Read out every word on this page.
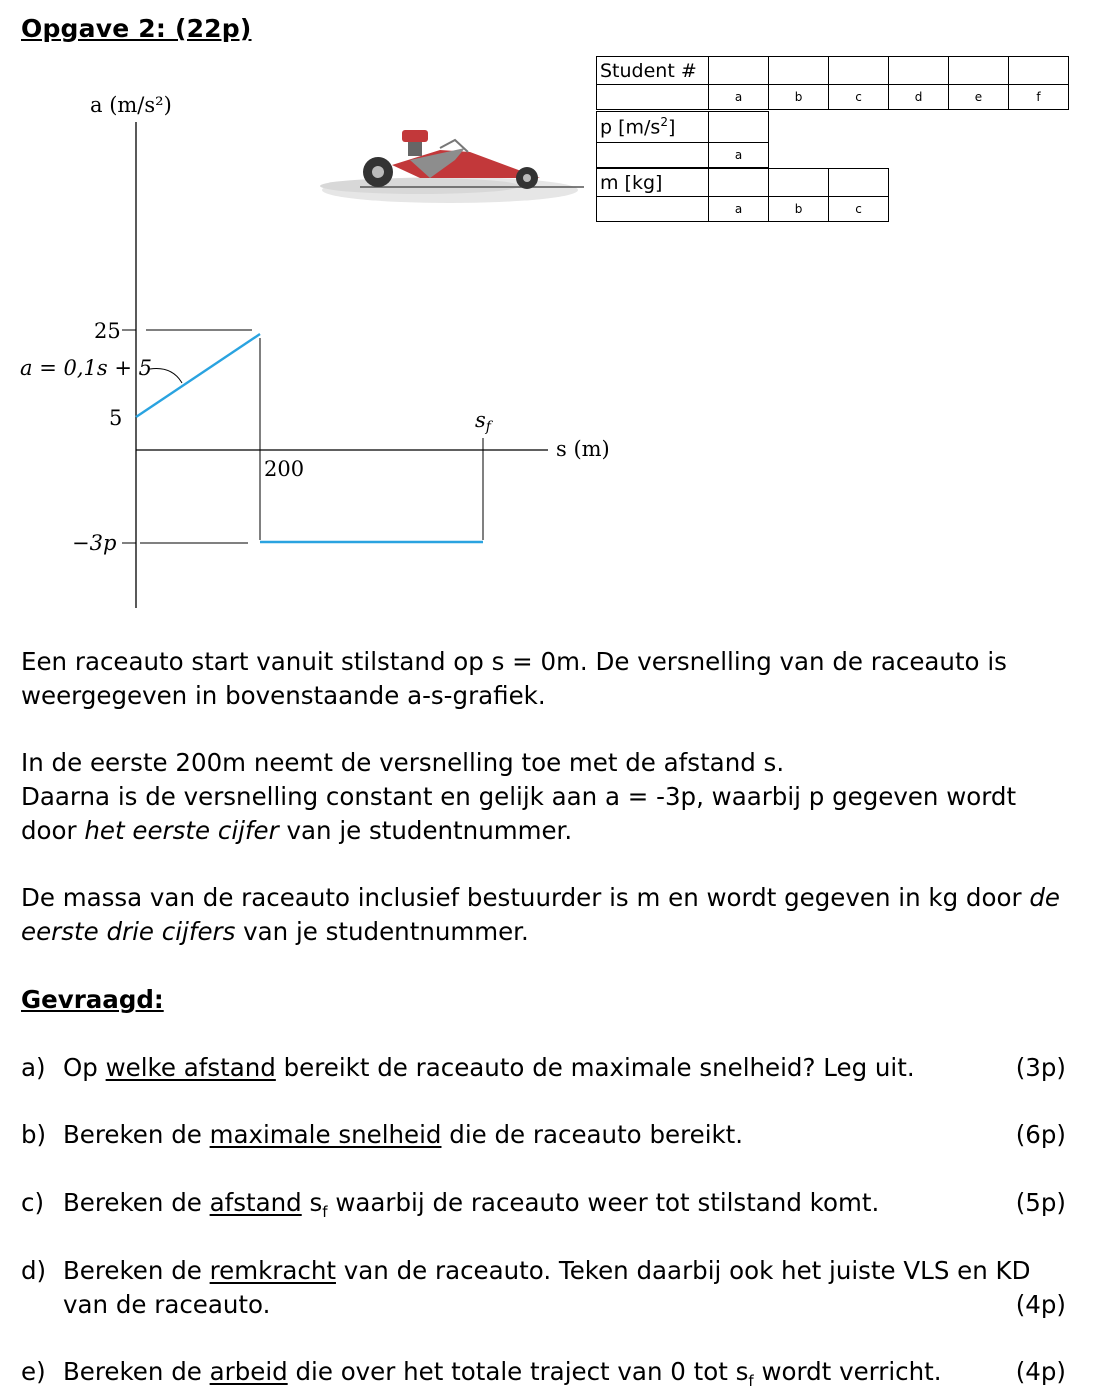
Opgave 2: (22p)
a (m/s²)
s (m)
25
5
−3p
200
a = 0,1s + 5
sf
Student #						
	a	b	c	d	e	f
p $[m/s^2]$	
	a
m [kg]			
	a	b	c
Een raceauto start vanuit stilstand op s = 0m. De versnelling van de raceauto is
weergegeven in bovenstaande a-s-grafiek.
In de eerste 200m neemt de versnelling toe met de afstand s.
Daarna is de versnelling constant en gelijk aan a = -3p, waarbij p gegeven wordt
door het eerste cijfer van je studentnummer.
De massa van de raceauto inclusief bestuurder is m en wordt gegeven in kg door de
eerste drie cijfers van je studentnummer.
Gevraagd:
a) Op welke afstand bereikt de raceauto de maximale snelheid? Leg uit.	(3p)
b) Bereken de maximale snelheid die de raceauto bereikt.	(6p)
c) Bereken de afstand $s_f$ waarbij de raceauto weer tot stilstand komt.	(5p)
d) Bereken de remkracht van de raceauto. Teken daarbij ook het juiste VLS en KD
van de raceauto.	(4p)
e) Bereken de arbeid die over het totale traject van 0 tot $s_f$ wordt verricht.	(4p)
